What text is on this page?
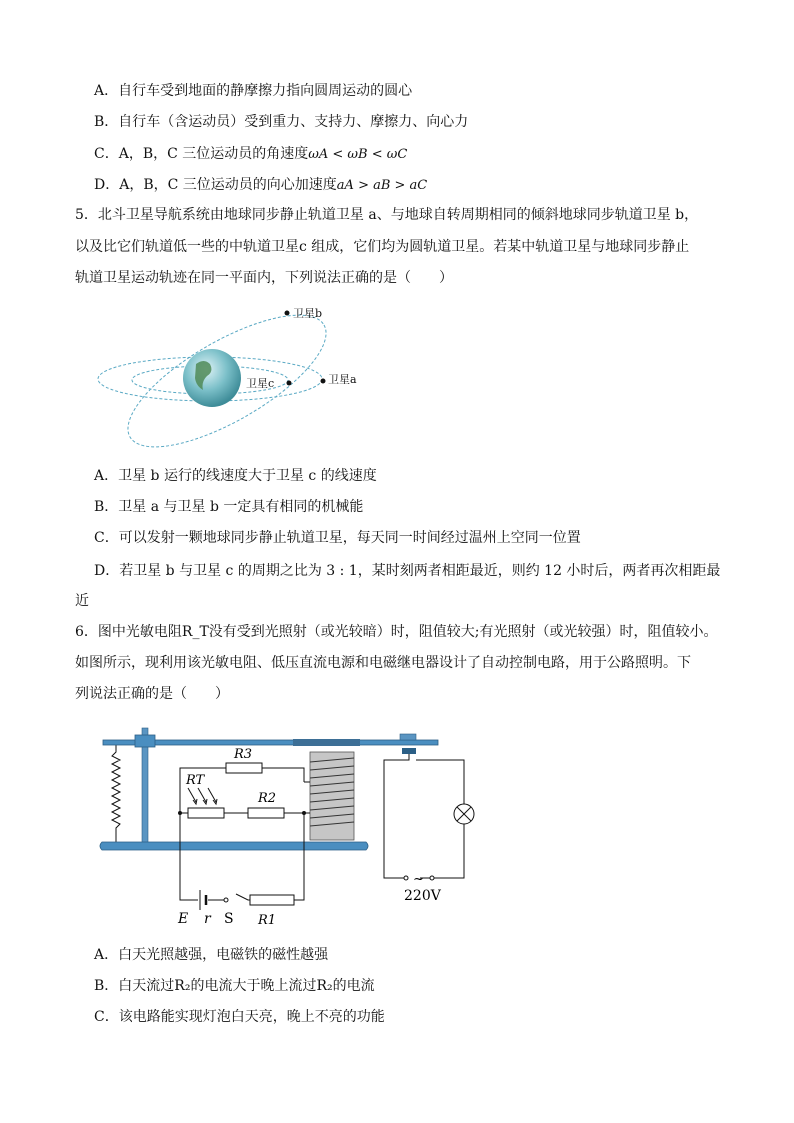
A．自行车受到地面的静摩擦力指向圆周运动的圆心
B．自行车（含运动员）受到重力、支持力、摩擦力、向心力
C．A，B，C 三位运动员的角速度ωA < ωB < ωC
D．A，B，C 三位运动员的向心加速度aA > aB > aC
5．北斗卫星导航系统由地球同步静止轨道卫星 a、与地球自转周期相同的倾斜地球同步轨道卫星 b，
以及比它们轨道低一些的中轨道卫星c 组成，它们均为圆轨道卫星。若某中轨道卫星与地球同步静止
轨道卫星运动轨迹在同一平面内，下列说法正确的是（　　）
卫星b
卫星c	卫星a
A．卫星 b 运行的线速度大于卫星 c 的线速度
B．卫星 a 与卫星 b 一定具有相同的机械能
C．可以发射一颗地球同步静止轨道卫星，每天同一时间经过温州上空同一位置
D．若卫星 b 与卫星 c 的周期之比为 3 : 1，某时刻两者相距最近，则约 12 小时后，两者再次相距最
近
6．图中光敏电阻R_T没有受到光照射（或光较暗）时，阻值较大;有光照射（或光较强）时，阻值较小。
如图所示，现利用该光敏电阻、低压直流电源和电磁继电器设计了自动控制电路，用于公路照明。下
列说法正确的是（　　）
R3
RT
R2
E r S R1
~
220V
A．白天光照越强，电磁铁的磁性越强
B．白天流过R₂的电流大于晚上流过R₂的电流
C．该电路能实现灯泡白天亮，晚上不亮的功能
